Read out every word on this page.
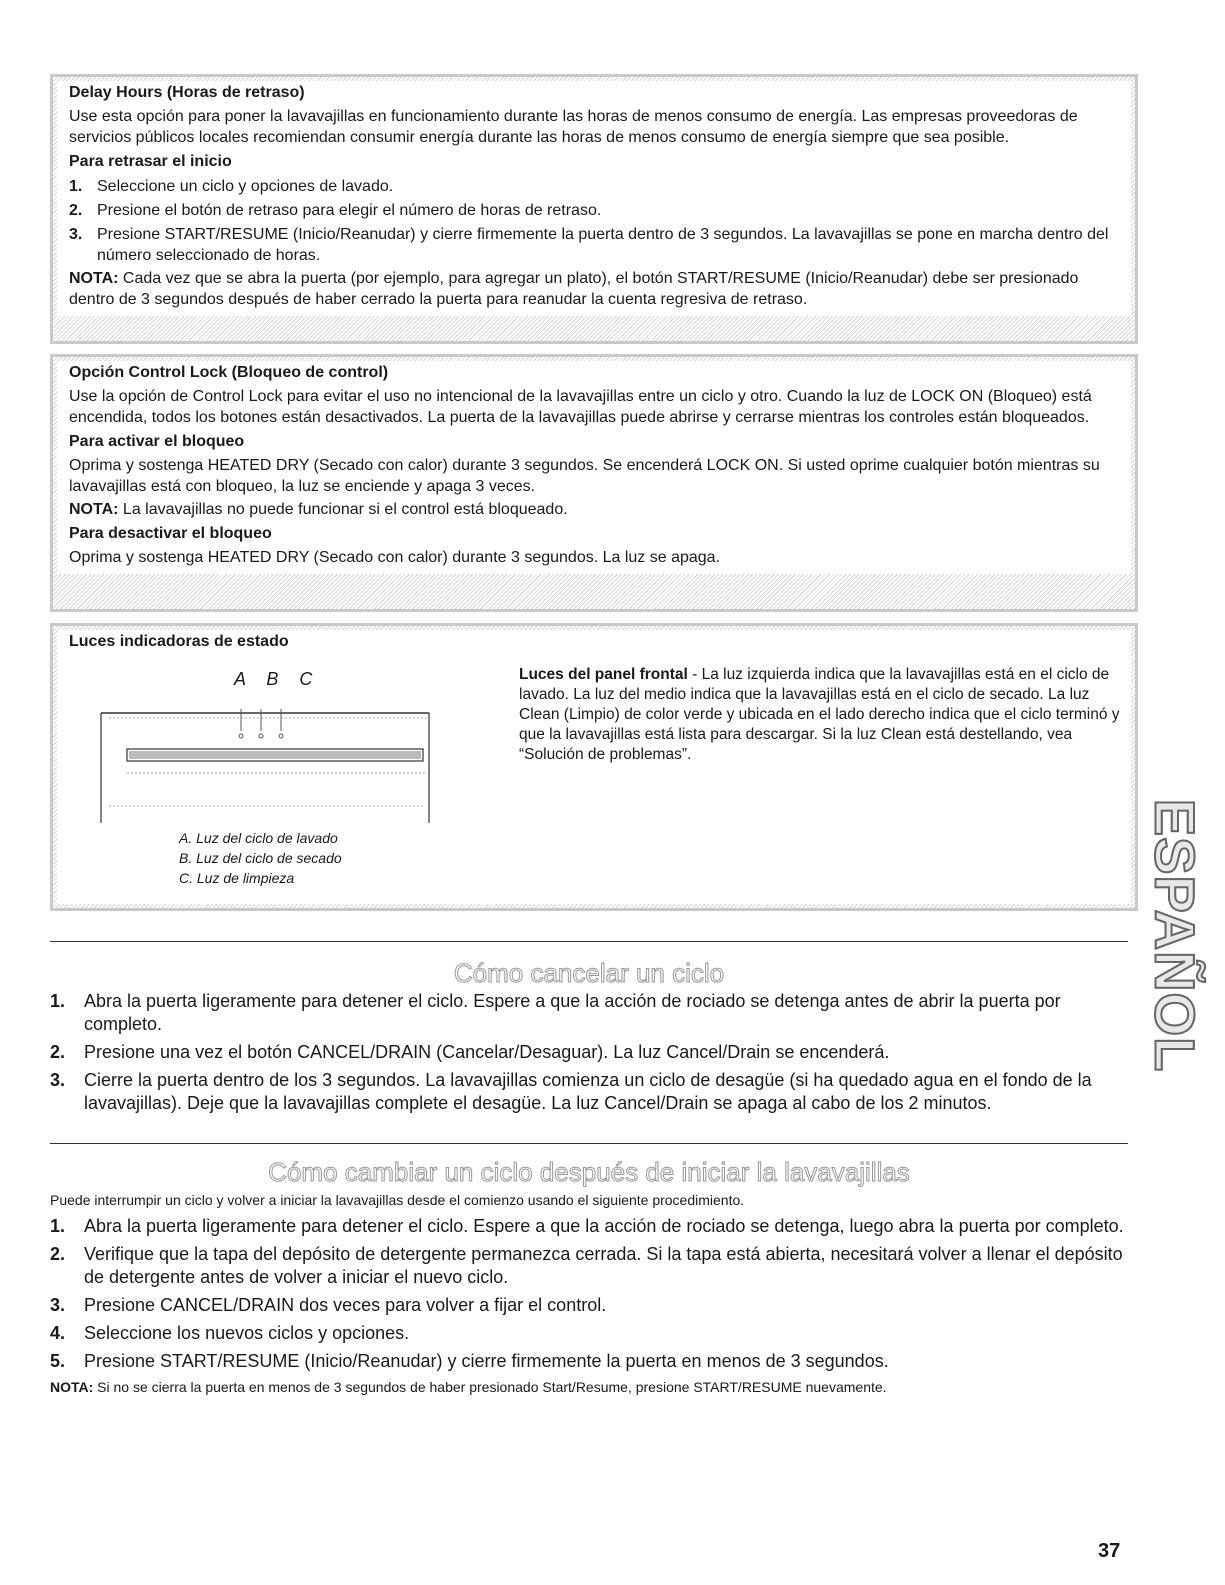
Delay Hours (Horas de retraso)
Use esta opción para poner la lavavajillas en funcionamiento durante las horas de menos consumo de energía. Las empresas proveedoras de servicios públicos locales recomiendan consumir energía durante las horas de menos consumo de energía siempre que sea posible.
Para retrasar el inicio
1. Seleccione un ciclo y opciones de lavado.
2. Presione el botón de retraso para elegir el número de horas de retraso.
3. Presione START/RESUME (Inicio/Reanudar) y cierre firmemente la puerta dentro de 3 segundos. La lavavajillas se pone en marcha dentro del número seleccionado de horas.
NOTA: Cada vez que se abra la puerta (por ejemplo, para agregar un plato), el botón START/RESUME (Inicio/Reanudar) debe ser presionado dentro de 3 segundos después de haber cerrado la puerta para reanudar la cuenta regresiva de retraso.
Opción Control Lock (Bloqueo de control)
Use la opción de Control Lock para evitar el uso no intencional de la lavavajillas entre un ciclo y otro. Cuando la luz de LOCK ON (Bloqueo) está encendida, todos los botones están desactivados. La puerta de la lavavajillas puede abrirse y cerrarse mientras los controles están bloqueados.
Para activar el bloqueo
Oprima y sostenga HEATED DRY (Secado con calor) durante 3 segundos. Se encenderá LOCK ON. Si usted oprime cualquier botón mientras su lavavajillas está con bloqueo, la luz se enciende y apaga 3 veces.
NOTA: La lavavajillas no puede funcionar si el control está bloqueado.
Para desactivar el bloqueo
Oprima y sostenga HEATED DRY (Secado con calor) durante 3 segundos. La luz se apaga.
Luces indicadoras de estado
A B C
A. Luz del ciclo de lavado
B. Luz del ciclo de secado
C. Luz de limpieza
Luces del panel frontal - La luz izquierda indica que la lavavajillas está en el ciclo de lavado. La luz del medio indica que la lavavajillas está en el ciclo de secado. La luz Clean (Limpio) de color verde y ubicada en el lado derecho indica que el ciclo terminó y que la lavavajillas está lista para descargar. Si la luz Clean está destellando, vea “Solución de problemas”.
Cómo cancelar un ciclo
1.	Abra la puerta ligeramente para detener el ciclo. Espere a que la acción de rociado se detenga antes de abrir la puerta por completo.
2.	Presione una vez el botón CANCEL/DRAIN (Cancelar/Desaguar). La luz Cancel/Drain se encenderá.
3.	Cierre la puerta dentro de los 3 segundos. La lavavajillas comienza un ciclo de desagüe (si ha quedado agua en el fondo de la lavavajillas). Deje que la lavavajillas complete el desagüe. La luz Cancel/Drain se apaga al cabo de los 2 minutos.
Cómo cambiar un ciclo después de iniciar la lavavajillas
Puede interrumpir un ciclo y volver a iniciar la lavavajillas desde el comienzo usando el siguiente procedimiento.
1.	Abra la puerta ligeramente para detener el ciclo. Espere a que la acción de rociado se detenga, luego abra la puerta por completo.
2.	Verifique que la tapa del depósito de detergente permanezca cerrada. Si la tapa está abierta, necesitará volver a llenar el depósito de detergente antes de volver a iniciar el nuevo ciclo.
3.	Presione CANCEL/DRAIN dos veces para volver a fijar el control.
4.	Seleccione los nuevos ciclos y opciones.
5.	Presione START/RESUME (Inicio/Reanudar) y cierre firmemente la puerta en menos de 3 segundos.
NOTA: Si no se cierra la puerta en menos de 3 segundos de haber presionado Start/Resume, presione START/RESUME nuevamente.
ESPAÑOL
37
